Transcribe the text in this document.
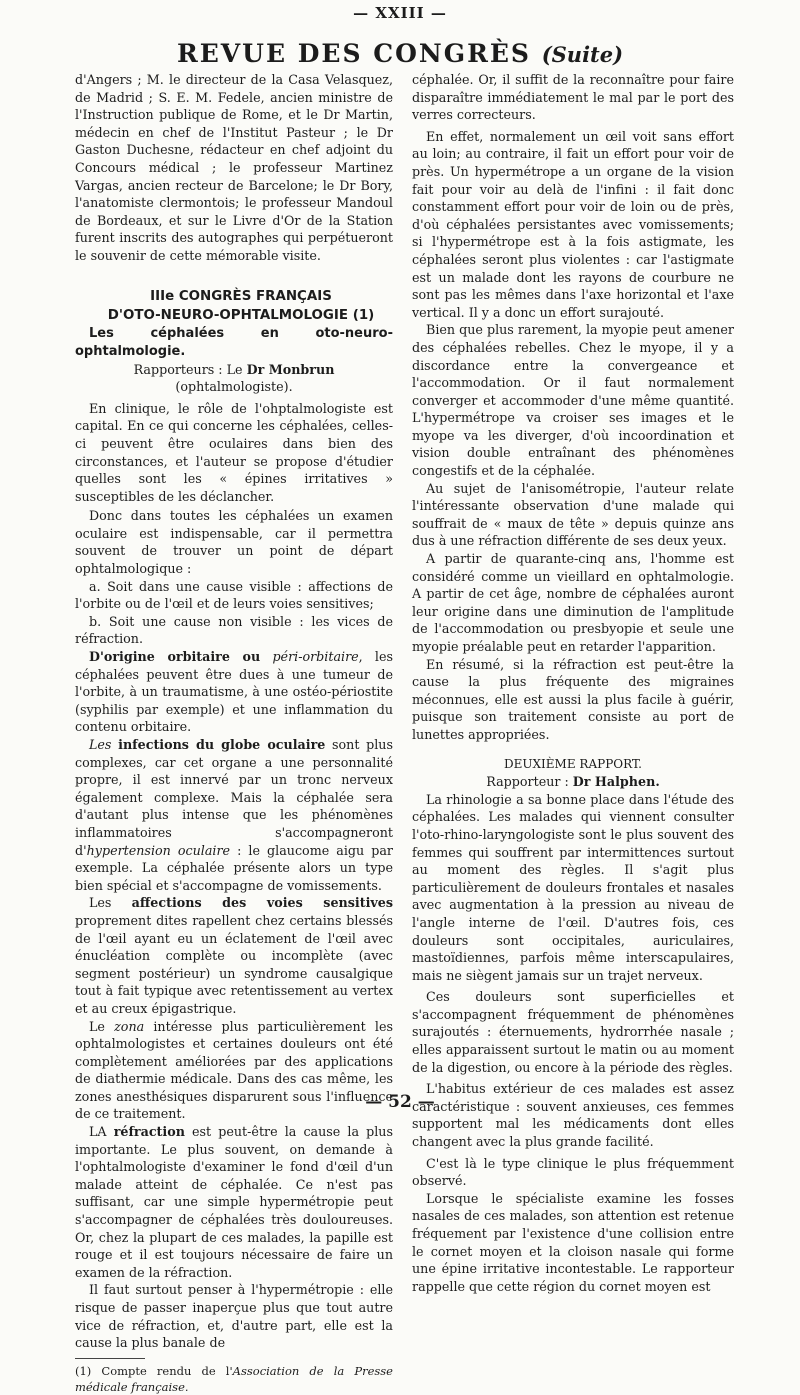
— XXIII —
REVUE DES CONGRÈS (Suite)

d'Angers ; M. le directeur de la Casa Velasquez, de Madrid ; S. E. M. Fedele, ancien ministre de l'Instruction publique de Rome, et le Dr Martin, médecin en chef de l'Institut Pasteur ; le Dr Gaston Duchesne, rédacteur en chef adjoint du Concours médical ; le professeur Martinez Vargas, ancien recteur de Barcelone; le Dr Bory, l'anatomiste clermontois; le professeur Mandoul de Bordeaux, et sur le Livre d'Or de la Station furent inscrits des autographes qui perpétueront le souvenir de cette mémorable visite.

IIIe CONGRÈS FRANÇAIS

D'OTO-NEURO-OPHTALMOLOGIE (1)

Les céphalées en oto-neuro-ophtalmologie.

Rapporteurs : Le Dr Monbrun (ophtalmologiste).

En clinique, le rôle de l'ohptalmologiste est capital. En ce qui concerne les céphalées, celles-ci peuvent être oculaires dans bien des circonstances, et l'auteur se propose d'étudier quelles sont les « épines irritatives » susceptibles de les déclancher.

Donc dans toutes les céphalées un examen oculaire est indispensable, car il permettra souvent de trouver un point de départ ophtalmologique :

a. Soit dans une cause visible : affections de l'orbite ou de l'œil et de leurs voies sensitives;

b. Soit une cause non visible : les vices de réfraction.

D'origine orbitaire ou péri-orbitaire, les céphalées peuvent être dues à une tumeur de l'orbite, à un traumatisme, à une ostéo-périostite (syphilis par exemple) et une inflammation du contenu orbitaire.

Les infections du globe oculaire sont plus complexes, car cet organe a une personnalité propre, il est innervé par un tronc nerveux également complexe. Mais la céphalée sera d'autant plus intense que les phénomènes inflammatoires s'accompagneront d'hypertension oculaire : le glaucome aigu par exemple. La céphalée présente alors un type bien spécial et s'accompagne de vomissements.

Les affections des voies sensitives proprement dites rapellent chez certains blessés de l'œil ayant eu un éclatement de l'œil avec énucléation complète ou incomplète (avec segment postérieur) un syndrome causalgique tout à fait typique avec retentissement au vertex et au creux épigastrique.

Le zona intéresse plus particulièrement les ophtalmologistes et certaines douleurs ont été complètement améliorées par des applications de diathermie médicale. Dans des cas même, les zones anesthésiques disparurent sous l'influence de ce traitement.

LA réfraction est peut-être la cause la plus importante. Le plus souvent, on demande à l'ophtalmologiste d'examiner le fond d'œil d'un malade atteint de céphalée. Ce n'est pas suffisant, car une simple hypermétropie peut s'accompagner de céphalées très douloureuses. Or, chez la plupart de ces malades, la papille est rouge et il est toujours nécessaire de faire un examen de la réfraction.

Il faut surtout penser à l'hypermétropie : elle risque de passer inaperçue plus que tout autre vice de réfraction, et, d'autre part, elle est la cause la plus banale de

(1) Compte rendu de l'Association de la Presse médicale française.

céphalée. Or, il suffit de la reconnaître pour faire disparaître immédiatement le mal par le port des verres correcteurs.

En effet, normalement un œil voit sans effort au loin; au contraire, il fait un effort pour voir de près. Un hypermétrope a un organe de la vision fait pour voir au delà de l'infini : il fait donc constamment effort pour voir de loin ou de près, d'où céphalées persistantes avec vomissements; si l'hypermétrope est à la fois astigmate, les céphalées seront plus violentes : car l'astigmate est un malade dont les rayons de courbure ne sont pas les mêmes dans l'axe horizontal et l'axe vertical. Il y a donc un effort surajouté.

Bien que plus rarement, la myopie peut amener des céphalées rebelles. Chez le myope, il y a discordance entre la convergeance et l'accommodation. Or il faut normalement converger et accommoder d'une même quantité. L'hypermétrope va croiser ses images et le myope va les diverger, d'où incoordination et vision double entraînant des phénomènes congestifs et de la céphalée.

Au sujet de l'anisométropie, l'auteur relate l'intéressante observation d'une malade qui souffrait de « maux de tête » depuis quinze ans dus à une réfraction différente de ses deux yeux.

A partir de quarante-cinq ans, l'homme est considéré comme un vieillard en ophtalmologie. A partir de cet âge, nombre de céphalées auront leur origine dans une diminution de l'amplitude de l'accommodation ou presbyopie et seule une myopie préalable peut en retarder l'apparition.

En résumé, si la réfraction est peut-être la cause la plus fréquente des migraines méconnues, elle est aussi la plus facile à guérir, puisque son traitement consiste au port de lunettes appropriées.

DEUXIÈME RAPPORT.

Rapporteur : Dr Halphen.

La rhinologie a sa bonne place dans l'étude des céphalées. Les malades qui viennent consulter l'oto-rhino-laryngologiste sont le plus souvent des femmes qui souffrent par intermittences surtout au moment des règles. Il s'agit plus particulièrement de douleurs frontales et nasales avec augmentation à la pression au niveau de l'angle interne de l'œil. D'autres fois, ces douleurs sont occipitales, auriculaires, mastoïdiennes, parfois même interscapulaires, mais ne siègent jamais sur un trajet nerveux.

Ces douleurs sont superficielles et s'accompagnent fréquemment de phénomènes surajoutés : éternuements, hydrorrhée nasale ; elles apparaissent surtout le matin ou au moment de la digestion, ou encore à la période des règles.

L'habitus extérieur de ces malades est assez caractéristique : souvent anxieuses, ces femmes supportent mal les médicaments dont elles changent avec la plus grande facilité.

C'est là le type clinique le plus fréquemment observé.

Lorsque le spécialiste examine les fosses nasales de ces malades, son attention est retenue fréquement par l'existence d'une collision entre le cornet moyen et la cloison nasale qui forme une épine irritative incontestable. Le rapporteur rappelle que cette région du cornet moyen est

— 52 —
